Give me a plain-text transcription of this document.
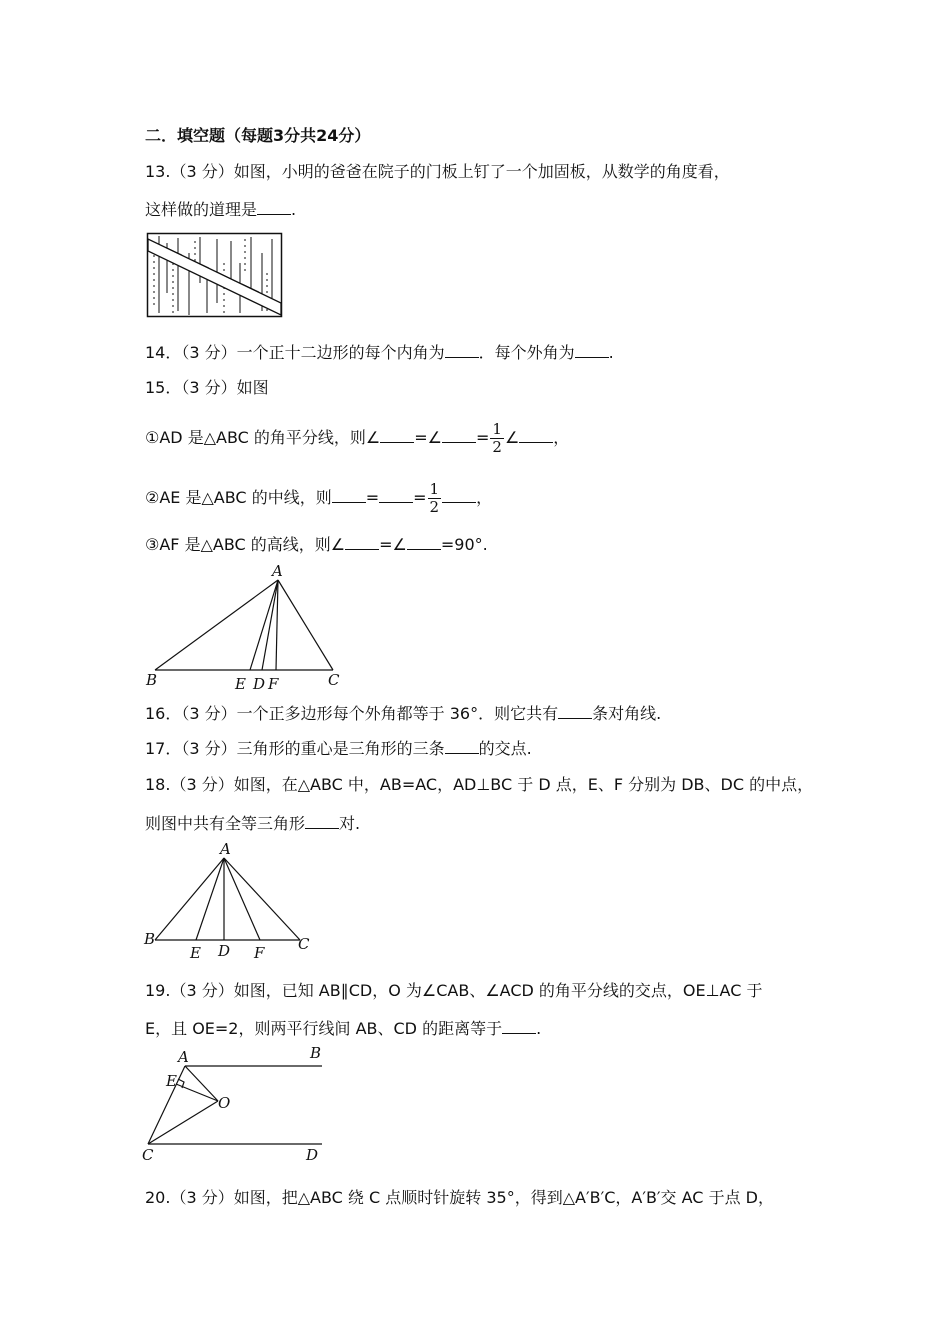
二．填空题（每题3分共24分）
13.（3 分）如图，小明的爸爸在院子的门板上钉了一个加固板，从数学的角度看，
这样做的道理是 .
14．（3 分）一个正十二边形的每个内角为 ．每个外角为 .
15．（3 分）如图
①AD 是△ABC 的角平分线，则∠ =∠ = $\frac{1}{2}$ ∠ ，
②AE 是△ABC 的中线，则 = = $\frac{1}{2}$ ，
③AF 是△ABC 的高线，则∠ =∠ =90°.
A
B	C
E D F
16．（3 分）一个正多边形每个外角都等于 36°．则它共有 条对角线.
17．（3 分）三角形的重心是三角形的三条 的交点.
18.（3 分）如图，在△ABC 中，AB=AC，AD⊥BC 于 D 点，E、F 分别为 DB、DC 的中点，
则图中共有全等三角形 对.
A
B	C
E D F
19.（3 分）如图，已知 AB∥CD，O 为∠CAB、∠ACD 的角平分线的交点，OE⊥AC 于
E，且 OE=2，则两平行线间 AB、CD 的距离等于 .
A	B
C	D
E
O
20.（3 分）如图，把△ABC 绕 C 点顺时针旋转 35°，得到△A′B′C，A′B′交 AC 于点 D，
